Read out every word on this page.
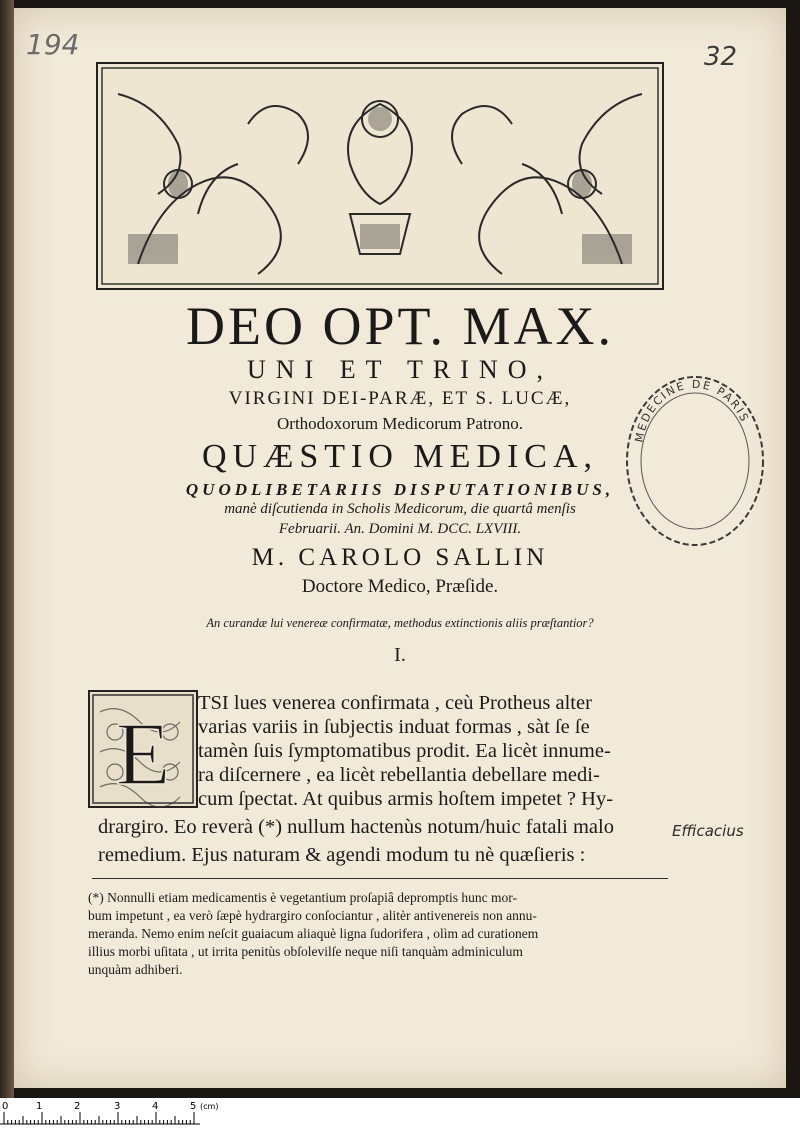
194	32
DEO OPT. MAX.
UNI ET TRINO,
VIRGINI DEI-PARÆ, ET S. LUCÆ,
Orthodoxorum Medicorum Patrono.
QUÆSTIO MEDICA,
QUODLIBETARIIS DISPUTATIONIBUS,
manè diſcutienda in Scholis Medicorum, die quartâ menſis
Februarii. An. Domini M. DCC. LXVIII.
M. CAROLO SALLIN
Doctore Medico, Præſide.
An curandæ lui venereæ confirmatæ, methodus extinctionis aliis præſtantior?
I.
MEDECINE DE PARIS
E
TSI lues venerea confirmata , ceù Protheus alter
varias variis in ſubjectis induat formas , sàt ſe ſe
tamèn ſuis ſymptomatibus prodit. Ea licèt innume-
ra diſcernere , ea licèt rebellantia debellare medi-
cum ſpectat. At quibus armis hoſtem impetet ? Hy-
drargiro. Eo reverà (*) nullum hactenùs notum/huic fatali malo
remedium. Ejus naturam & agendi modum tu nè quæſieris :
Efficacius
(*) Nonnulli etiam medicamentis è vegetantium proſapiâ depromptis hunc mor-
bum impetunt , ea verò ſæpè hydrargiro conſociantur , alitèr antivenereis non annu-
meranda. Nemo enim neſcit guaiacum aliaquè ligna ſudorifera , olìm ad curationem
illius morbi uſitata , ut irrita penitùs obſolevilſe neque niſi tanquàm adminiculum
unquàm adhiberi.
0	1	2	3	4	5 (cm)
